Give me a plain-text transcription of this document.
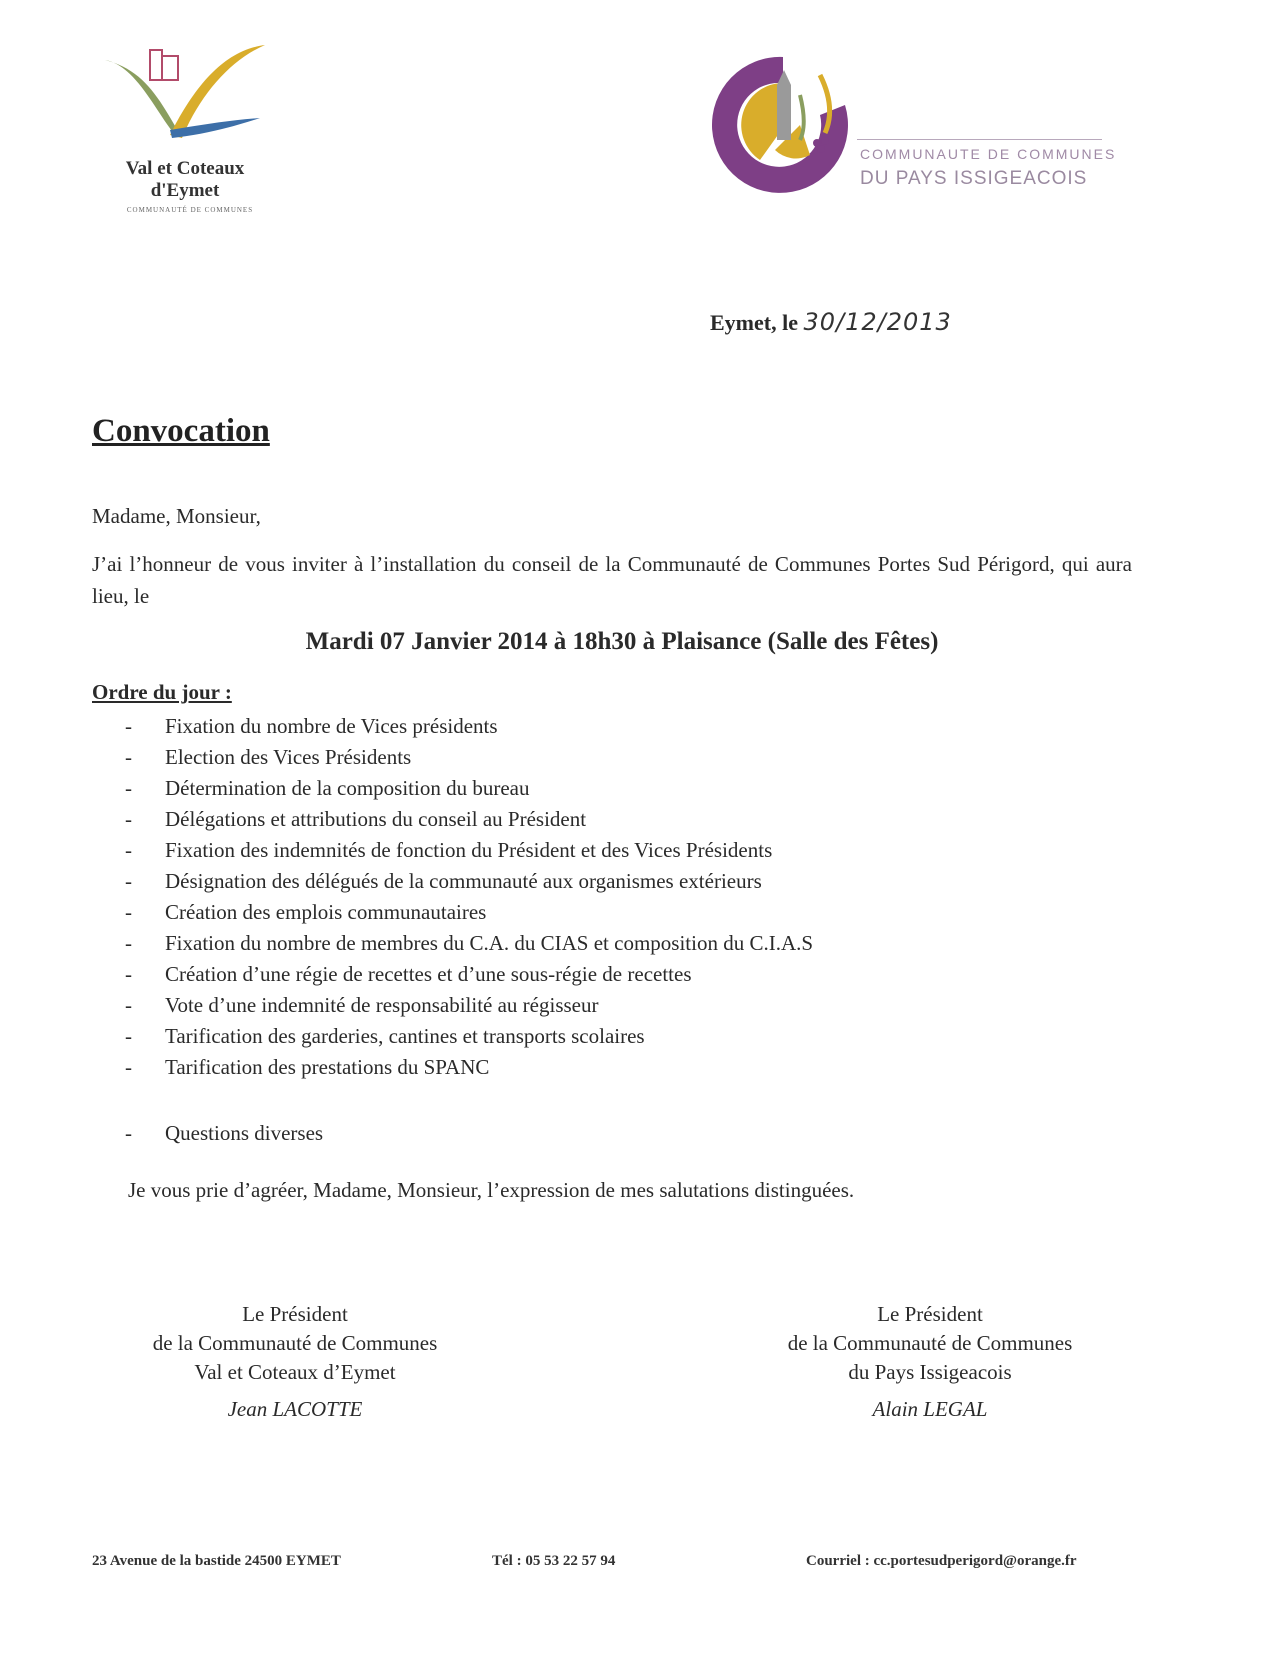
Val et Coteaux
d'Eymet
COMMUNAUTÉ DE COMMUNES
COMMUNAUTE DE COMMUNES
DU PAYS ISSIGEACOIS
Eymet, le 30/12/2013
Convocation
Madame, Monsieur,
J’ai l’honneur de vous inviter à l’installation du conseil de la Communauté de Communes Portes Sud Périgord, qui aura lieu, le
Mardi 07 Janvier 2014 à 18h30 à Plaisance (Salle des Fêtes)
Ordre du jour :
- Fixation du nombre de Vices présidents
- Election des Vices Présidents
- Détermination de la composition du bureau
- Délégations et attributions du conseil au Président
- Fixation des indemnités de fonction du Président et des Vices Présidents
- Désignation des délégués de la communauté aux organismes extérieurs
- Création des emplois communautaires
- Fixation du nombre de membres du C.A. du CIAS et composition du C.I.A.S
- Création d’une régie de recettes et d’une sous-régie de recettes
- Vote d’une indemnité de responsabilité au régisseur
- Tarification des garderies, cantines et transports scolaires
- Tarification des prestations du SPANC
- Questions diverses
Je vous prie d’agréer, Madame, Monsieur, l’expression de mes salutations distinguées.
Le Président
de la Communauté de Communes
Val et Coteaux d’Eymet
Jean LACOTTE
Le Président
de la Communauté de Communes
du Pays Issigeacois
Alain LEGAL
23 Avenue de la bastide 24500 EYMET	Tél : 05 53 22 57 94	Courriel : cc.portesudperigord@orange.fr
